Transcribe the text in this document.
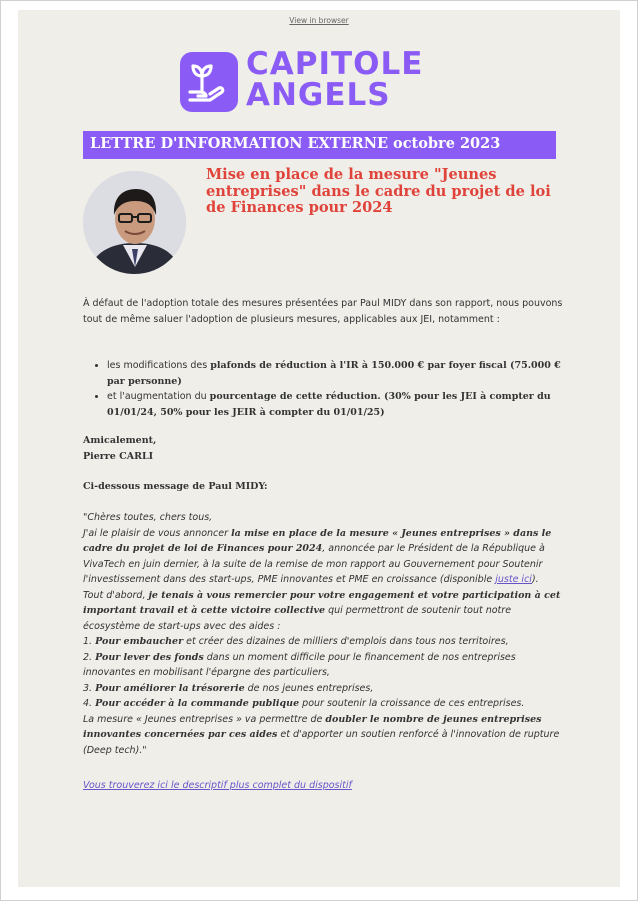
View in browser
CAPITOLE
ANGELS
LETTRE D'INFORMATION EXTERNE octobre 2023
Mise en place de la mesure "Jeunes entreprises" dans le cadre du projet de loi de Finances pour 2024
À défaut de l'adoption totale des mesures présentées par Paul MIDY dans son rapport, nous pouvons tout de même saluer l'adoption de plusieurs mesures, applicables aux JEI, notamment :
• les modifications des plafonds de réduction à l'IR à 150.000 € par foyer fiscal (75.000 € par personne)
• et l'augmentation du pourcentage de cette réduction. (30% pour les JEI à compter du 01/01/24, 50% pour les JEIR à compter du 01/01/25)
Amicalement,
Pierre CARLI
Ci-dessous message de Paul MIDY:
"Chères toutes, chers tous,
J'ai le plaisir de vous annoncer la mise en place de la mesure « Jeunes entreprises » dans le cadre du projet de loi de Finances pour 2024, annoncée par le Président de la République à VivaTech en juin dernier, à la suite de la remise de mon rapport au Gouvernement pour Soutenir l'investissement dans des start-ups, PME innovantes et PME en croissance (disponible juste ici).
Tout d'abord, je tenais à vous remercier pour votre engagement et votre participation à cet important travail et à cette victoire collective qui permettront de soutenir tout notre écosystème de start-ups avec des aides :
1. Pour embaucher et créer des dizaines de milliers d'emplois dans tous nos territoires,
2. Pour lever des fonds dans un moment difficile pour le financement de nos entreprises innovantes en mobilisant l'épargne des particuliers,
3. Pour améliorer la trésorerie de nos jeunes entreprises,
4. Pour accéder à la commande publique pour soutenir la croissance de ces entreprises.
La mesure « Jeunes entreprises » va permettre de doubler le nombre de jeunes entreprises innovantes concernées par ces aides et d'apporter un soutien renforcé à l'innovation de rupture (Deep tech)."
Vous trouverez ici le descriptif plus complet du dispositif
